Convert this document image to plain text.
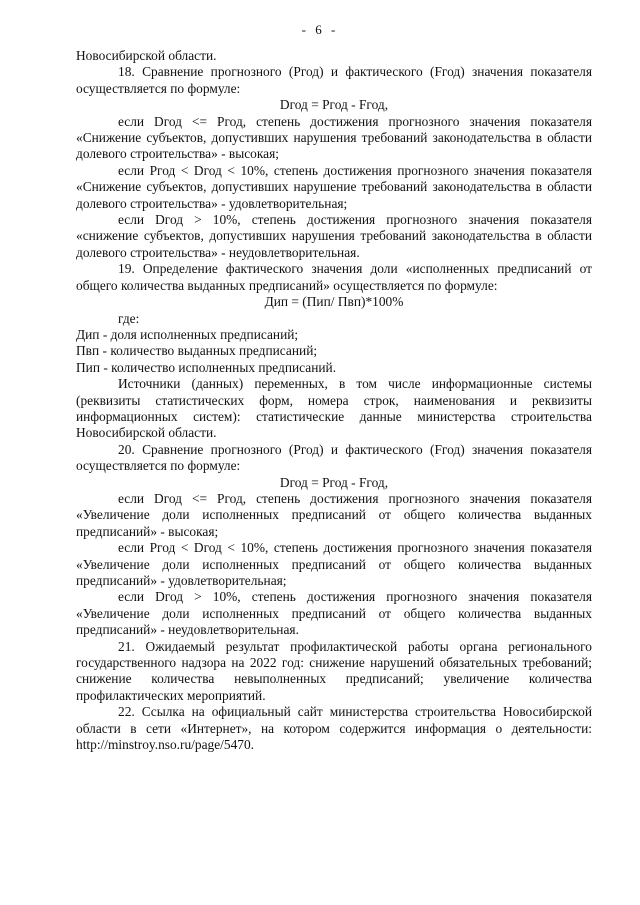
- 6 -

Новосибирской области.

18. Сравнение прогнозного (Pгод) и фактического (Fгод) значения показателя осуществляется по формуле:

Dгод = Pгод - Fгод,

если Dгод <= Pгод, степень достижения прогнозного значения показателя «Снижение субъектов, допустивших нарушения требований законодательства в области долевого строительства» - высокая;

если Pгод < Dгод < 10%, степень достижения прогнозного значения показателя «Снижение субъектов, допустивших нарушение требований законодательства в области долевого строительства» - удовлетворительная;

если Dгод > 10%, степень достижения прогнозного значения показателя «снижение субъектов, допустивших нарушения требований законодательства в области долевого строительства» - неудовлетворительная.

19. Определение фактического значения доли «исполненных предписаний от общего количества выданных предписаний» осуществляется по формуле:

Дип = (Пип/ Пвп)*100%

где:

Дип - доля исполненных предписаний;

Пвп - количество выданных предписаний;

Пип - количество исполненных предписаний.

Источники (данных) переменных, в том числе информационные системы (реквизиты статистических форм, номера строк, наименования и реквизиты информационных систем): статистические данные министерства строительства Новосибирской области.

20. Сравнение прогнозного (Pгод) и фактического (Fгод) значения показателя осуществляется по формуле:

Dгод = Pгод - Fгод,

если Dгод <= Pгод, степень достижения прогнозного значения показателя «Увеличение доли исполненных предписаний от общего количества выданных предписаний» - высокая;

если Pгод < Dгод < 10%, степень достижения прогнозного значения показателя «Увеличение доли исполненных предписаний от общего количества выданных предписаний» - удовлетворительная;

если Dгод > 10%, степень достижения прогнозного значения показателя «Увеличение доли исполненных предписаний от общего количества выданных предписаний» - неудовлетворительная.

21. Ожидаемый результат профилактической работы органа регионального государственного надзора на 2022 год: снижение нарушений обязательных требований; снижение количества невыполненных предписаний; увеличение количества профилактических мероприятий.

22. Ссылка на официальный сайт министерства строительства Новосибирской области в сети «Интернет», на котором содержится информация о деятельности: http://minstroy.nso.ru/page/5470.
